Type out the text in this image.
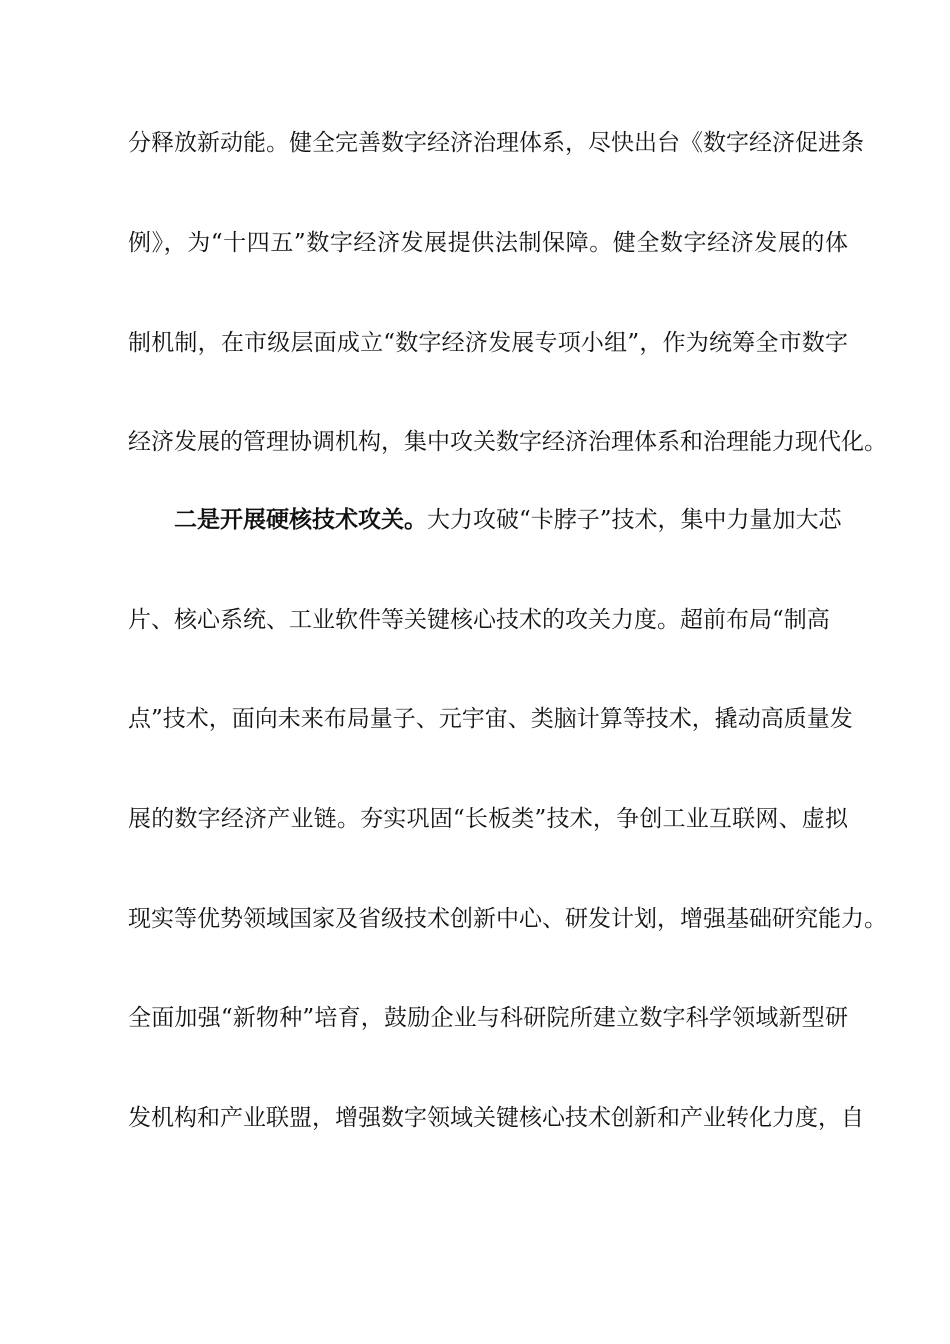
分释放新动能。健全完善数字经济治理体系，尽快出台《数字经济促进条
例》，为“十四五”数字经济发展提供法制保障。健全数字经济发展的体
制机制，在市级层面成立“数字经济发展专项小组”，作为统筹全市数字
经济发展的管理协调机构，集中攻关数字经济治理体系和治理能力现代化。
二是开展硬核技术攻关。大力攻破“卡脖子”技术，集中力量加大芯
片、核心系统、工业软件等关键核心技术的攻关力度。超前布局“制高
点”技术，面向未来布局量子、元宇宙、类脑计算等技术，撬动高质量发
展的数字经济产业链。夯实巩固“长板类”技术，争创工业互联网、虚拟
现实等优势领域国家及省级技术创新中心、研发计划，增强基础研究能力。
全面加强“新物种”培育，鼓励企业与科研院所建立数字科学领域新型研
发机构和产业联盟，增强数字领域关键核心技术创新和产业转化力度，自
